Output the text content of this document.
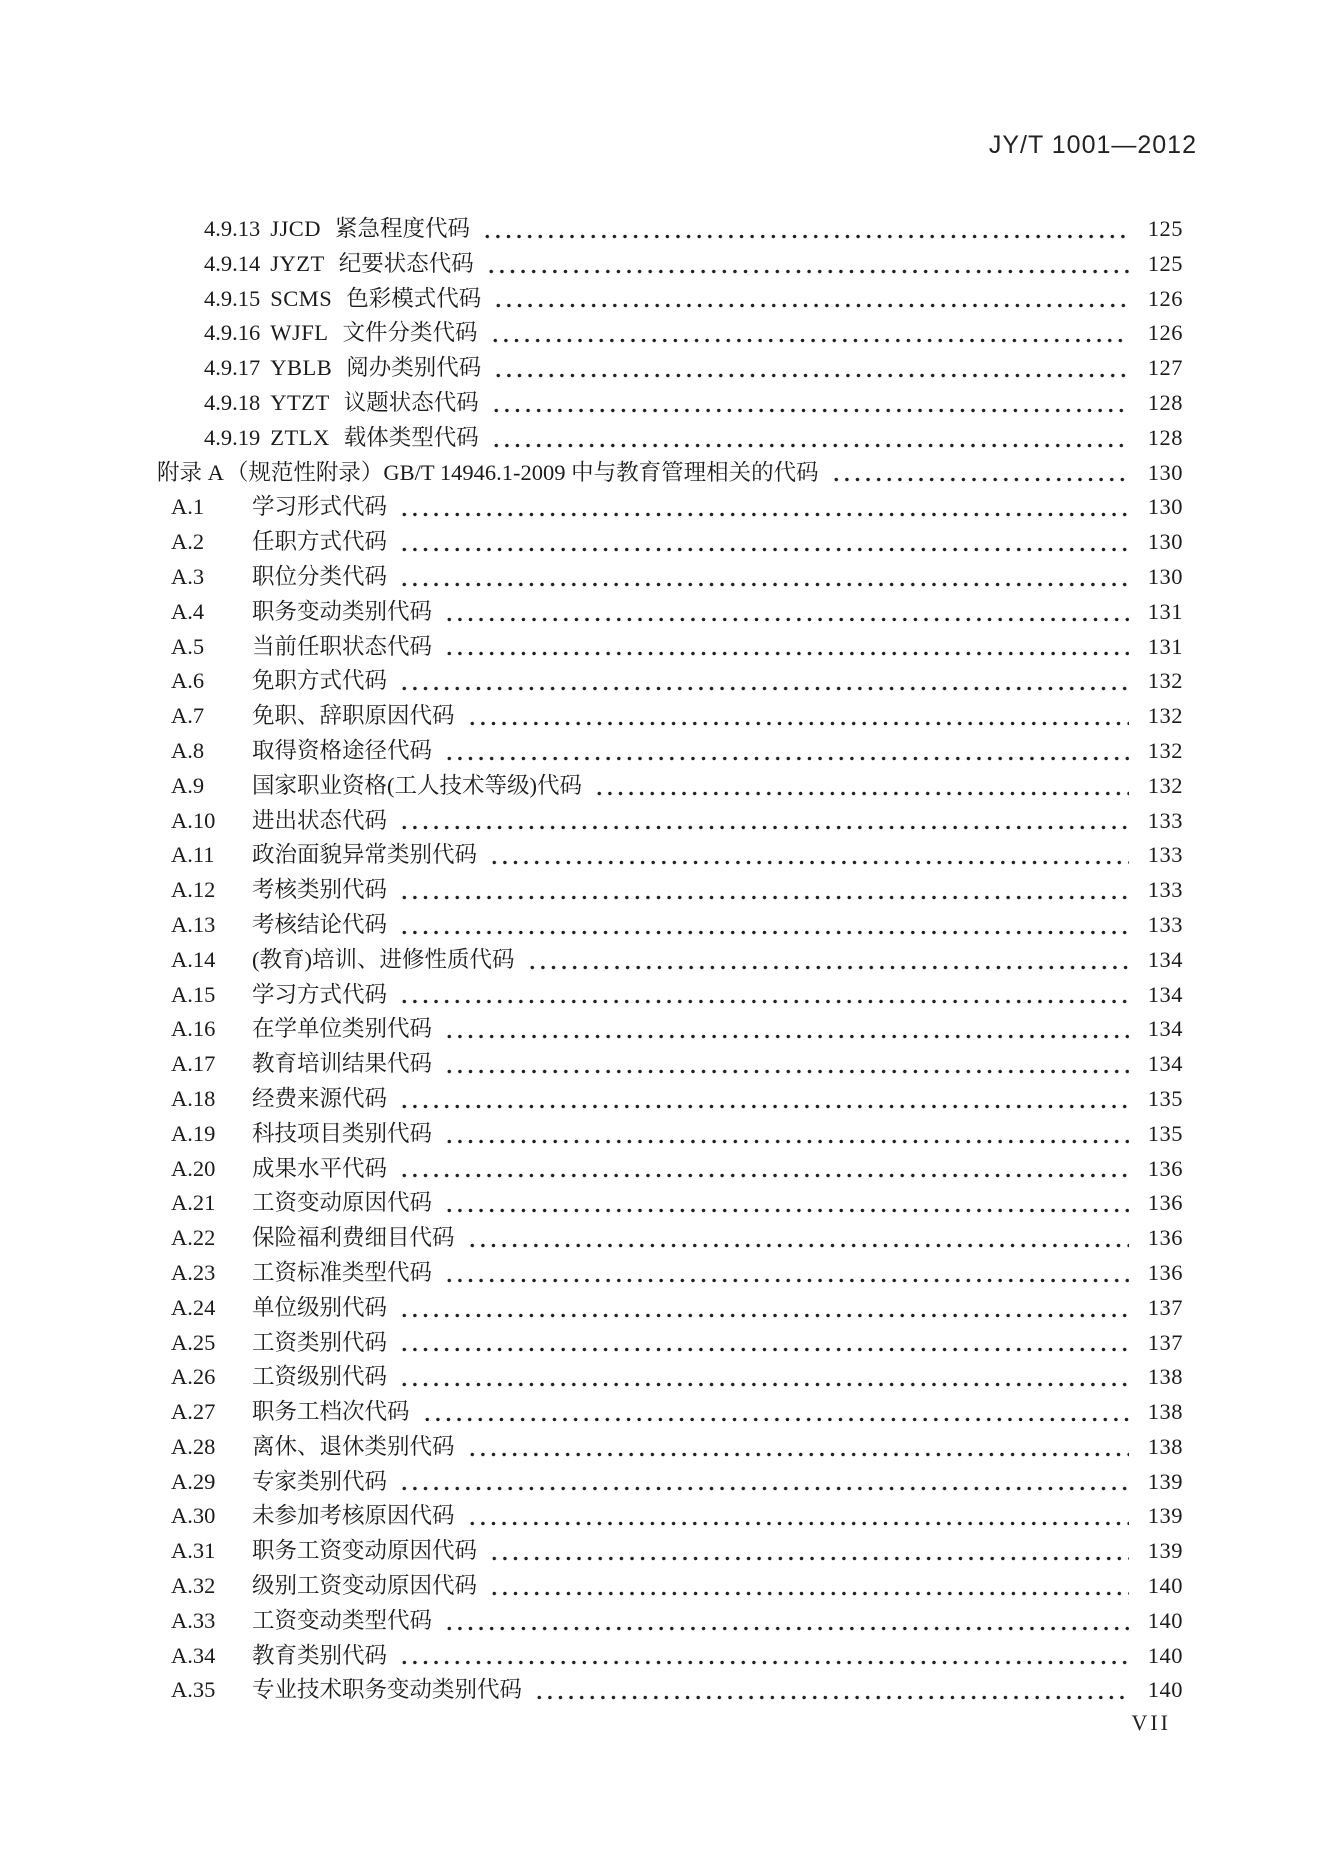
JY/T 1001—2012
4.9.13 JJCD 紧急程度代码	125
4.9.14 JYZT 纪要状态代码	125
4.9.15 SCMS 色彩模式代码	126
4.9.16 WJFL 文件分类代码	126
4.9.17 YBLB 阅办类别代码	127
4.9.18 YTZT 议题状态代码	128
4.9.19 ZTLX 载体类型代码	128
附录 A （规范性附录）GB/T 14946.1-2009 中与教育管理相关的代码	130
A.1	学习形式代码	130
A.2	任职方式代码	130
A.3	职位分类代码	130
A.4	职务变动类别代码	131
A.5	当前任职状态代码	131
A.6	免职方式代码	132
A.7	免职、辞职原因代码	132
A.8	取得资格途径代码	132
A.9	国家职业资格(工人技术等级)代码	132
A.10	进出状态代码	133
A.11	政治面貌异常类别代码	133
A.12	考核类别代码	133
A.13	考核结论代码	133
A.14	(教育)培训、进修性质代码	134
A.15	学习方式代码	134
A.16	在学单位类别代码	134
A.17	教育培训结果代码	134
A.18	经费来源代码	135
A.19	科技项目类别代码	135
A.20	成果水平代码	136
A.21	工资变动原因代码	136
A.22	保险福利费细目代码	136
A.23	工资标准类型代码	136
A.24	单位级别代码	137
A.25	工资类别代码	137
A.26	工资级别代码	138
A.27	职务工档次代码	138
A.28	离休、退休类别代码	138
A.29	专家类别代码	139
A.30	未参加考核原因代码	139
A.31	职务工资变动原因代码	139
A.32	级别工资变动原因代码	140
A.33	工资变动类型代码	140
A.34	教育类别代码	140
A.35	专业技术职务变动类别代码	140
VII
